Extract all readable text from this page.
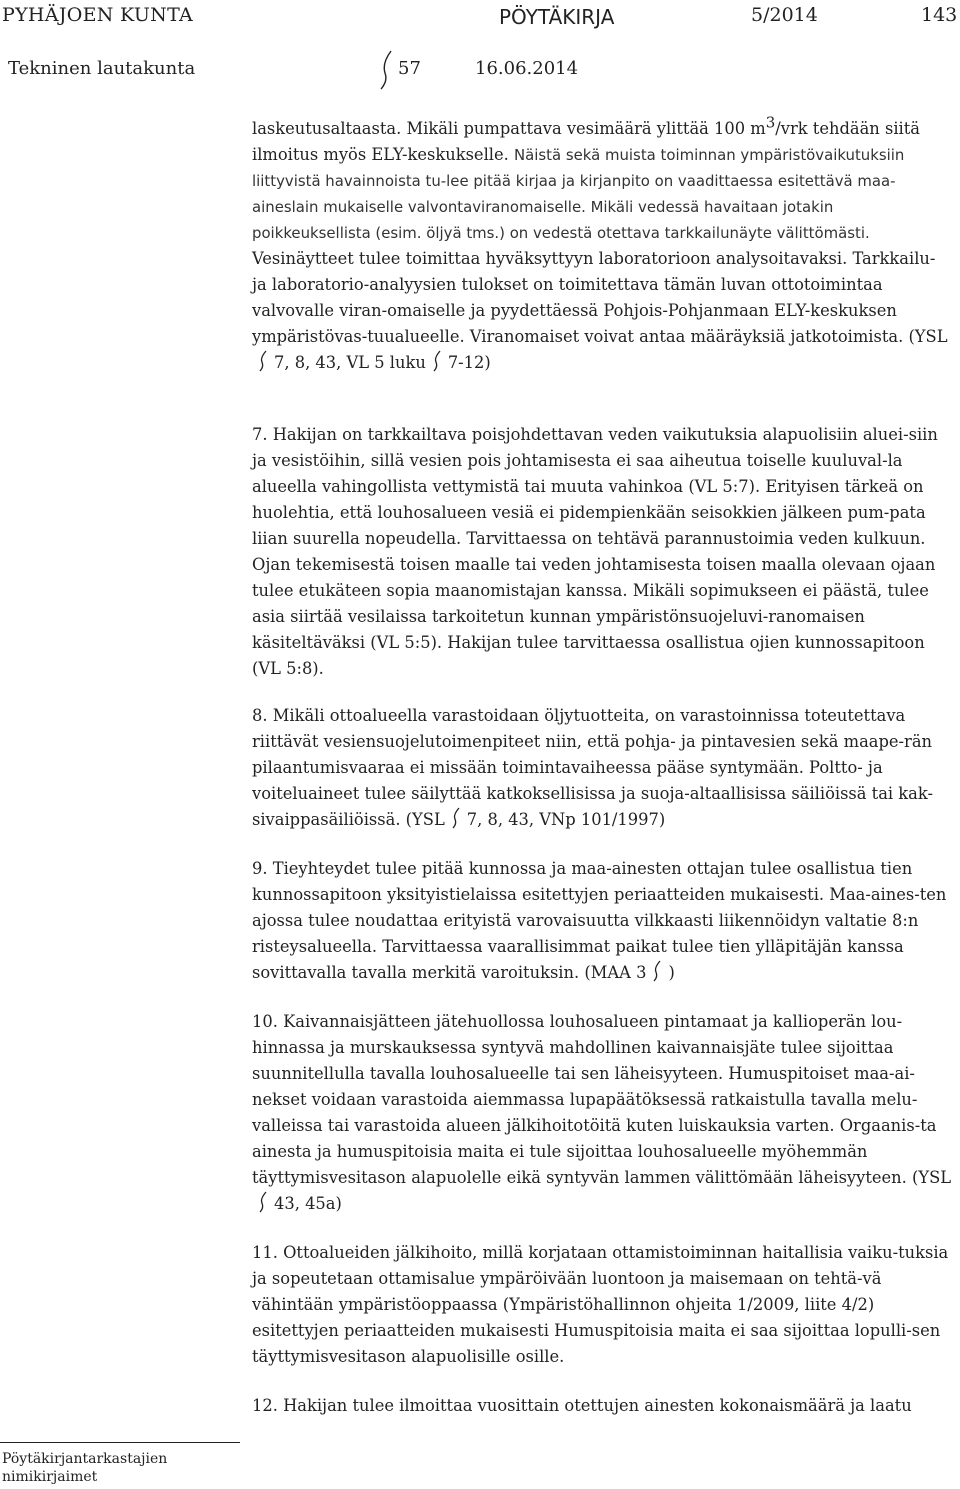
PYHÄJOEN KUNTA	PÖYTÄKIRJA	5/2014	143
Tekninen lautakunta	57	16.06.2014

laskeutusaltaasta. Mikäli pumpattava vesimäärä ylittää 100 $m^3$/vrk tehdään siitä ilmoitus myös ELY-keskukselle. Näistä sekä muista toiminnan ympäristövaikutuksiin liittyvistä havainnoista tu-lee pitää kirjaa ja kirjanpito on vaadittaessa esitettävä maa-aineslain mukaiselle valvontaviranomaiselle. Mikäli vedessä havaitaan jotakin poikkeuksellista (esim. öljyä tms.) on vedestä otettava tarkkailunäyte välittömästi. Vesinäytteet tulee toimittaa hyväksyttyyn laboratorioon analysoitavaksi. Tarkkailu- ja laboratorio-analyysien tulokset on toimitettava tämän luvan ottotoimintaa valvovalle viran-omaiselle ja pyydettäessä Pohjois-Pohjanmaan ELY-keskuksen ympäristövas-tuualueelle. Viranomaiset voivat antaa määräyksiä jatkotoimista. (YSL7, 8, 43, VL 5 luku 7-12)

7. Hakijan on tarkkailtava poisjohdettavan veden vaikutuksia alapuolisiin aluei-siin ja vesistöihin, sillä vesien pois johtamisesta ei saa aiheutua toiselle kuuluval-la alueella vahingollista vettymistä tai muuta vahinkoa (VL 5:7). Erityisen tärkeä on huolehtia, että louhosalueen vesiä ei pidempienkään seisokkien jälkeen pum-pata liian suurella nopeudella. Tarvittaessa on tehtävä parannustoimia veden kulkuun. Ojan tekemisestä toisen maalle tai veden johtamisesta toisen maalla olevaan ojaan tulee etukäteen sopia maanomistajan kanssa. Mikäli sopimukseen ei päästä, tulee asia siirtää vesilaissa tarkoitetun kunnan ympäristönsuojeluvi-ranomaisen käsiteltäväksi (VL 5:5). Hakijan tulee tarvittaessa osallistua ojien kunnossapitoon (VL 5:8).

8. Mikäli ottoalueella varastoidaan öljytuotteita, on varastoinnissa toteutettava riittävät vesiensuojelutoimenpiteet niin, että pohja- ja pintavesien sekä maape-rän pilaantumisvaaraa ei missään toimintavaiheessa pääse syntymään. Poltto- ja voiteluaineet tulee säilyttää katkoksellisissa ja suoja-altaallisissa säiliöissä tai kak-sivaippasäiliöissä. (YSL 7, 8, 43, VNp 101/1997)

9. Tieyhteydet tulee pitää kunnossa ja maa-ainesten ottajan tulee osallistua tien kunnossapitoon yksityistielaissa esitettyjen periaatteiden mukaisesti. Maa-aines-ten ajossa tulee noudattaa erityistä varovaisuutta vilkkaasti liikennöidyn valtatie 8:n risteysalueella. Tarvittaessa vaarallisimmat paikat tulee tien ylläpitäjän kanssa sovittavalla tavalla merkitä varoituksin. (MAA 3 )

10. Kaivannaisjätteen jätehuollossa louhosalueen pintamaat ja kallioperän lou-hinnassa ja murskauksessa syntyvä mahdollinen kaivannaisjäte tulee sijoittaa suunnitellulla tavalla louhosalueelle tai sen läheisyyteen. Humuspitoiset maa-ai-nekset voidaan varastoida aiemmassa lupapäätöksessä ratkaistulla tavalla melu-valleissa tai varastoida alueen jälkihoitotöitä kuten luiskauksia varten. Orgaanis-ta ainesta ja humuspitoisia maita ei tule sijoittaa louhosalueelle myöhemmän täyttymisvesitason alapuolelle eikä syntyvän lammen välittömään läheisyyteen. (YSL43, 45a)

11. Ottoalueiden jälkihoito, millä korjataan ottamistoiminnan haitallisia vaiku-tuksia ja sopeutetaan ottamisalue ympäröivään luontoon ja maisemaan on tehtä-vä vähintään ympäristöoppaassa (Ympäristöhallinnon ohjeita 1/2009, liite 4/2) esitettyjen periaatteiden mukaisesti Humuspitoisia maita ei saa sijoittaa lopulli-sen täyttymisvesitason alapuolisille osille.

12. Hakijan tulee ilmoittaa vuosittain otettujen ainesten kokonaismäärä ja laatu

Pöytäkirjantarkastajien
nimikirjaimet
